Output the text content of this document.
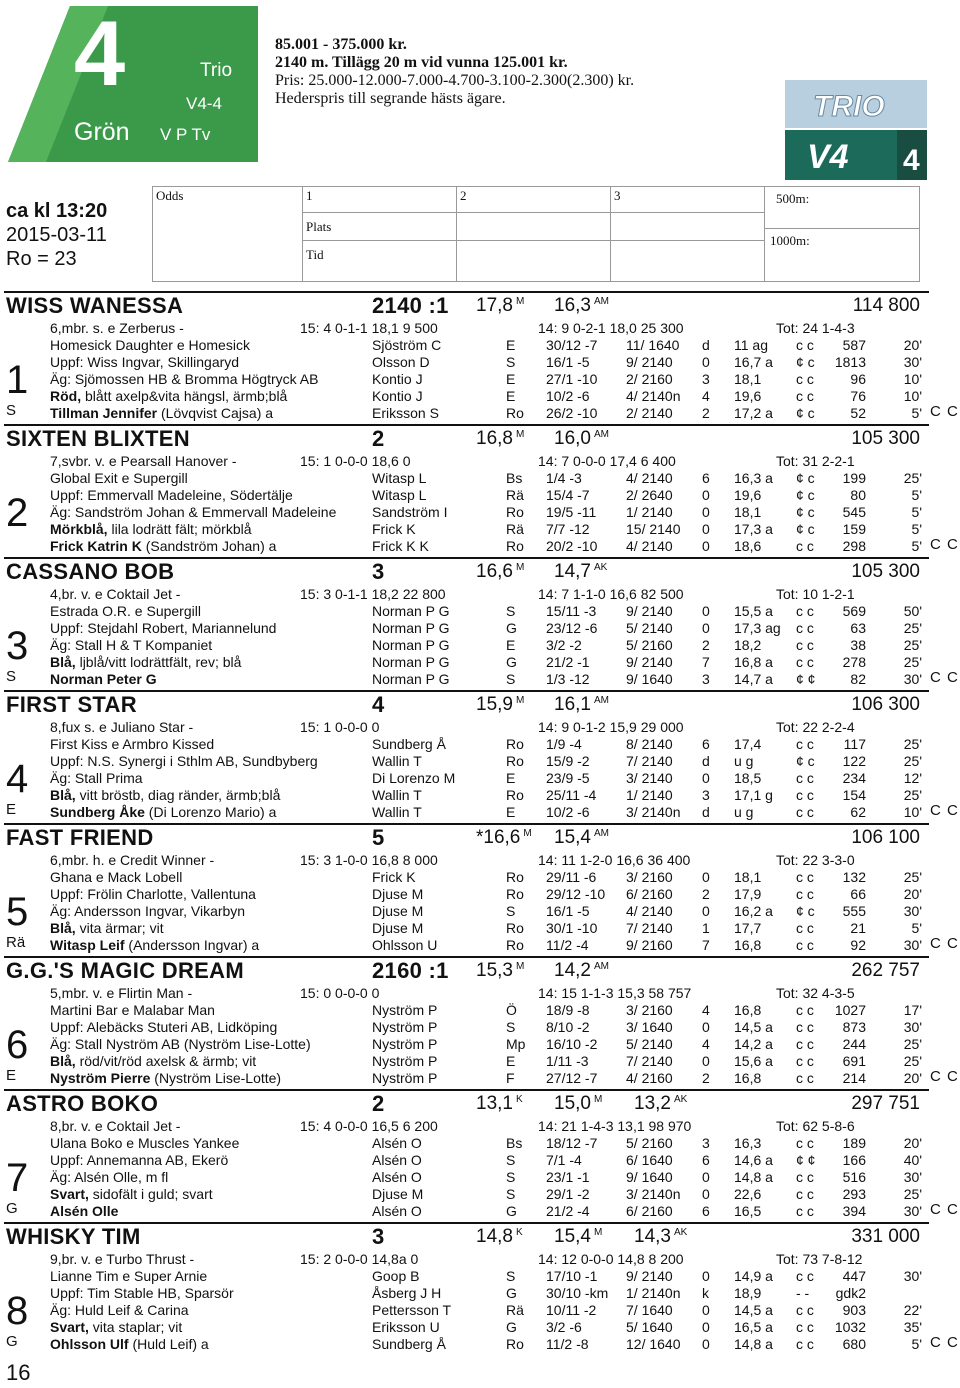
4
Grön
Trio
V4-4
V P Tv
85.001 - 375.000 kr.
2140 m. Tillägg 20 m vid vunna 125.001 kr.
Pris: 25.000-12.000-7.000-4.700-3.100-2.300(2.300) kr.
Hederspris till segrande hästs ägare.	TRIO
V4 4
ca kl 13:20
2015-03-11
Ro = 23
Odds	1	2	3
Plats
Tid
500m:
1000m:
WISS WANESSA	2140 :1 17,8 $^M$ 16,3 $^{AM}$	114 800
6,mbr. s. e Zerberus -	15: 4 0-1-1 18,1 9 500	14: 9 0-2-1 18,0 25 300	Tot: 24 1-4-3
1
S
Homesick Daughter e Homesick	Sjöström C	E 30/12 -7 11/ 1640 d 11 ag c c 587	20'
Uppf: Wiss Ingvar, Skillingaryd	Olsson D	S 16/1 -5	9/ 2140 0 16,7 a ¢ c 1813	30'
Äg: Sjömossen HB & Bromma Högtryck AB	Kontio J	E 27/1 -10 2/ 2160 3 18,1 c c	96	10'
Röd, blått axelp&vita hängsl, ärmb;blå	Kontio J	E 10/2 -6	4/ 2140n 4 19,6 c c	76	10'
Tillman Jennifer (Lövqvist Cajsa) a	Eriksson S	Ro 26/2 -10 2/ 2140 2 17,2 a ¢ c	52	5' C C
SIXTEN BLIXTEN	2	16,8 $^M$ 16,0 $^{AM}$	105 300
7,svbr. v. e Pearsall Hanover -	15: 1 0-0-0 18,6 0	14: 7 0-0-0 17,4 6 400	Tot: 31 2-2-1
2
Global Exit e Supergill	Witasp L	Bs 1/4 -3	4/ 2140 6 16,3 a ¢ c 199	25'
Uppf: Emmervall Madeleine, Södertälje	Witasp L	Rä 15/4 -7	2/ 2640 0 19,6 ¢ c	80	5'
Äg: Sandström Johan & Emmervall Madeleine	Sandström I	Ro 19/5 -11 1/ 2140 0 18,1 ¢ c 545	5'
Mörkblå, lila lodrätt fält; mörkblå	Frick K	Rä 7/7 -12	15/ 2140 0 17,3 a ¢ c 159	5'
Frick Katrin K (Sandström Johan) a	Frick K K	Ro 20/2 -10 4/ 2140 0 18,6 c c 298	5' C C
CASSANO BOB	3	16,6 $^M$ 14,7 $^{AK}$	105 300
4,br. v. e Coktail Jet -	15: 3 0-1-1 18,2 22 800	14: 7 1-1-0 16,6 82 500	Tot: 10 1-2-1
3
S
Estrada O.R. e Supergill	Norman P G	S 15/11 -3 9/ 2140 0 15,5 a c c 569	50'
Uppf: Stejdahl Robert, Mariannelund	Norman P G	G 23/12 -6 5/ 2140 0 17,3 ag c c	63	25'
Äg: Stall H & T Kompaniet	Norman P G	E 3/2 -2	5/ 2160 2 18,2 c c	38	25'
Blå, ljblå/vitt lodrättfält, rev; blå	Norman P G	G 21/2 -1	9/ 2140 7 16,8 a c c 278	25'
Norman Peter G	Norman P G	S 1/3 -12	9/ 1640 3 14,7 a ¢ ¢ 82	30' C C
FIRST STAR	4	15,9 $^M$ 16,1 $^{AM}$	106 300
8,fux s. e Juliano Star -	15: 1 0-0-0 0	14: 9 0-1-2 15,9 29 000	Tot: 22 2-2-4
4
E
First Kiss e Armbro Kissed	Sundberg Å	Ro 1/9 -4	8/ 2140 6 17,4 c c 117	25'
Uppf: N.S. Synergi i Sthlm AB, Sundbyberg	Wallin T	Ro 15/9 -2	7/ 2140 d u g	¢ c 122	25'
Äg: Stall Prima	Di Lorenzo M	E 23/9 -5	3/ 2140 0 18,5 c c 234	12'
Blå, vitt bröstb, diag ränder, ärmb;blå	Wallin T	Ro 25/11 -4 1/ 2140 3 17,1 g c c 154	25'
Sundberg Åke (Di Lorenzo Mario) a	Wallin T	E 10/2 -6	3/ 2140n d u g	c c	62	10' C C
FAST FRIEND	5	*16,6 $^M$ 15,4 $^{AM}$	106 100
6,mbr. h. e Credit Winner -	15: 3 1-0-0 16,8 8 000	14: 11 1-2-0 16,6 36 400	Tot: 22 3-3-0
5
Rä
Ghana e Mack Lobell	Frick K	Ro 29/11 -6 3/ 2160 0 18,1 c c 132	25'
Uppf: Frölin Charlotte, Vallentuna	Djuse M	Ro 29/12 -10 6/ 2160 2 17,9 c c	66	20'
Äg: Andersson Ingvar, Vikarbyn	Djuse M	S 16/1 -5	4/ 2140 0 16,2 a ¢ c 555	30'
Blå, vita ärmar; vit	Djuse M	Ro 30/1 -10 7/ 2140 1 17,7 c c	21	5'
Witasp Leif (Andersson Ingvar) a	Ohlsson U	Ro 11/2 -4	9/ 2160 7 16,8 c c	92	30' C C
G.G.'S MAGIC DREAM	2160 :1 15,3 $^M$ 14,2 $^{AM}$	262 757
5,mbr. v. e Flirtin Man -	15: 0 0-0-0 0	14: 15 1-1-3 15,3 58 757	Tot: 32 4-3-5
6
E
Martini Bar e Malabar Man	Nyström P	Ö 18/9 -8	3/ 2160 4 16,8 c c 1027	17'
Uppf: Alebäcks Stuteri AB, Lidköping	Nyström P	S 8/10 -2	3/ 1640 0 14,5 a c c 873	30'
Äg: Stall Nyström AB (Nyström Lise-Lotte)	Nyström P	Mp 16/10 -2 5/ 2140 4 14,2 a c c 244	25'
Blå, röd/vit/röd axelsk & ärmb; vit	Nyström P	E 1/11 -3	7/ 2140 0 15,6 a c c 691	25'
Nyström Pierre (Nyström Lise-Lotte)	Nyström P	F 27/12 -7 4/ 2160 2 16,8 c c 214	20' C C
ASTRO BOKO	2	13,1 $^K$ 15,0 $^M$ 13,2 $^{AK}$	297 751
8,br. v. e Coktail Jet -	15: 4 0-0-0 16,5 6 200	14: 21 1-4-3 13,1 98 970	Tot: 62 5-8-6
7
G
Ulana Boko e Muscles Yankee	Alsén O	Bs 18/12 -7 5/ 2160 3 16,3 c c 189	20'
Uppf: Annemanna AB, Ekerö	Alsén O	S 7/1 -4	6/ 1640 6 14,6 a ¢ ¢ 166	40'
Äg: Alsén Olle, m fl	Alsén O	S 23/1 -1	9/ 1640 0 14,8 a c c 516	30'
Svart, sidofält i guld; svart	Djuse M	S 29/1 -2	3/ 2140n 0 22,6 c c 293	25'
Alsén Olle	Alsén O	G 21/2 -4	6/ 2160 6 16,5 c c 394	30' C C
WHISKY TIM	3	14,8 $^K$ 15,4 $^M$ 14,3 $^{AK}$	331 000
9,br. v. e Turbo Thrust -	15: 2 0-0-0 14,8a 0	14: 12 0-0-0 14,8 8 200	Tot: 73 7-8-12
8
G
Lianne Tim e Super Arnie	Goop B	S 17/10 -1 9/ 2140 0 14,9 a c c 447	30'
Uppf: Tim Stable HB, Sparsör	Åsberg J H	G 30/10 -km 1/ 2140n k 18,9 - - gdk2
Äg: Huld Leif & Carina	Pettersson T	Rä 10/11 -2 7/ 1640 0 14,5 a c c 903	22'
Svart, vita staplar; vit	Eriksson U	G 3/2 -6	5/ 1640 0 16,5 a c c 1032	35'
Ohlsson Ulf (Huld Leif) a	Sundberg Å	Ro 11/2 -8	12/ 1640 0 14,8 a c c 680	5' C C
16
